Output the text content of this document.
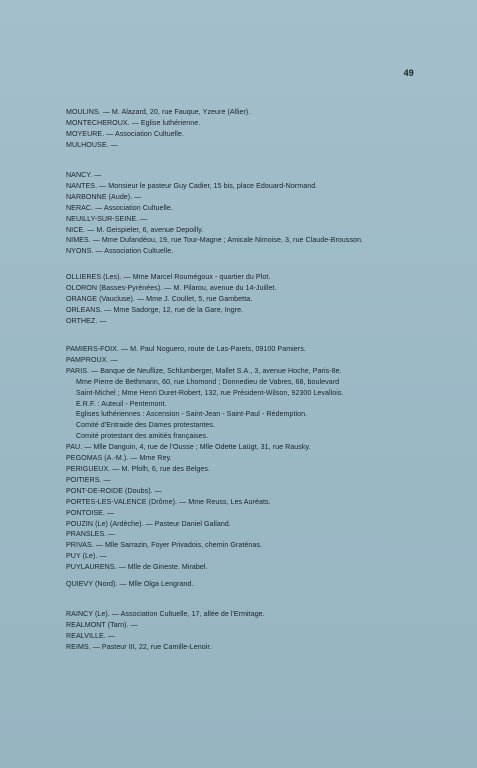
49
MOULINS. — M. Alazard, 20, rue Fauque, Yzeure (Allier).
MONTECHEROUX. — Eglise luthérienne.
MOYEURE. — Association Cultuelle.
MULHOUSE. —
NANCY. —
NANTES. — Monsieur le pasteur Guy Cadier, 15 bis, place Edouard-Normand.
NARBONNE (Aude). —
NERAC. — Association Cultuelle.
NEUILLY-SUR-SEINE. —
NICE. — M. Geispieler, 6, avenue Depoilly.
NIMES. — Mme Dufandéou, 19, rue Tour-Magne ; Amicale Nimoise, 3, rue Claude-Brousson.
NYONS. — Association Cultuelle.
OLLIERES (Les). — Mme Marcel Roumégoux - quartier du Plot.
OLORON (Basses-Pyrénées). — M. Pilarou, avenue du 14-Juillet.
ORANGE (Vaucluse). — Mme J. Coullet, 5, rue Gambetta.
ORLEANS. — Mme Sadorge, 12, rue de la Gare, Ingre.
ORTHEZ. —
PAMIERS-FOIX. — M. Paul Noguero, route de Las-Parets, 09100 Pamiers.
PAMPROUX. —
PARIS. — Banque de Neuflize, Schlumberger, Mallet S.A., 3, avenue Hoche, Paris-8e.
Mme Pierre de Bethmann, 60, rue Lhomond ; Donnedieu de Vabres, 68, boulevard
Saint-Michel ; Mme Henri Duret-Robert, 132, rue Président-Wilson, 92300 Levallois.
E.R.F. : Auteuil - Pentemont.
Eglises luthériennes : Ascension - Saint-Jean - Saint-Paul - Rédemption.
Comité d'Entraide des Dames protestantes.
Comité protestant des amitiés françaises.
PAU. — Mlle Danguin, 4, rue de l'Ousse ; Mlle Odette Laügt, 31, rue Rausky.
PEGOMAS (A.-M.). — Mme Rey.
PERIGUEUX. — M. Pfolh, 6, rue des Belges.
POITIERS. —
PONT-DE-ROIDE (Doubs). —
PORTES-LES-VALENCE (Drôme). — Mme Reuss, Les Auréats.
PONTOISE. —
POUZIN (Le) (Ardèche). — Pasteur Daniel Galland.
PRANSLES. —
PRIVAS. — Mlle Sarrazin, Foyer Privadois, chemin Graténas.
PUY (Le). —
PUYLAURENS. — Mlle de Gineste. Mirabel.
QUIEVY (Nord). — Mlle Olga Lengrand.
RAINCY (Le). — Association Cultuelle, 17, allée de l'Ermitage.
REALMONT (Tarn). —
REALVILLE. —
REIMS. — Pasteur III, 22, rue Camille-Lenoir.
